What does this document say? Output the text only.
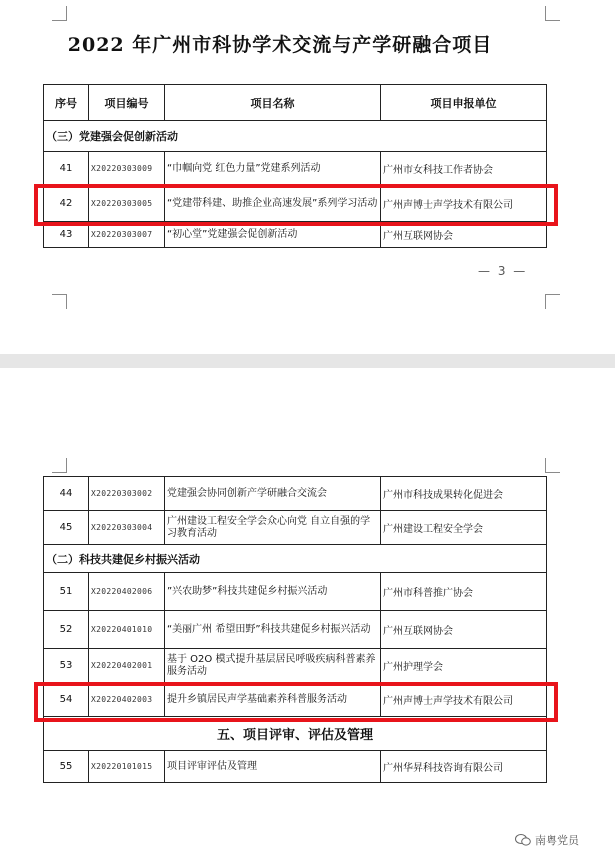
2022 年广州市科协学术交流与产学研融合项目
序号	项目编号	项目名称	项目申报单位
（三）党建强会促创新活动			
41	X20220303009	“巾帼向党 红色力量”党建系列活动	广州市女科技工作者协会
42	X20220303005	“党建带科建、助推企业高速发展”系列学习活动	广州声博士声学技术有限公司
43	X20220303007	“初心堂”党建强会促创新活动	广州互联网协会
— 3 —
44	X20220303002	党建强会协同创新产学研融合交流会	广州市科技成果转化促进会
45	X20220303004	广州建设工程安全学会众心向党 自立自强的学习教育活动	广州建设工程安全学会
（二）科技共建促乡村振兴活动			
51	X20220402006	”兴农助梦”科技共建促乡村振兴活动	广州市科普推广协会
52	X20220401010	“美丽广州 希望田野”科技共建促乡村振兴活动	广州互联网协会
53	X20220402001	基于 O2O 模式提升基层居民呼吸疾病科普素养服务活动	广州护理学会
54	X20220402003	提升乡镇居民声学基础素养科普服务活动	广州声博士声学技术有限公司
五、项目评审、评估及管理			
55	X20220101015	项目评审评估及管理	广州华昇科技咨询有限公司
南粤党员
